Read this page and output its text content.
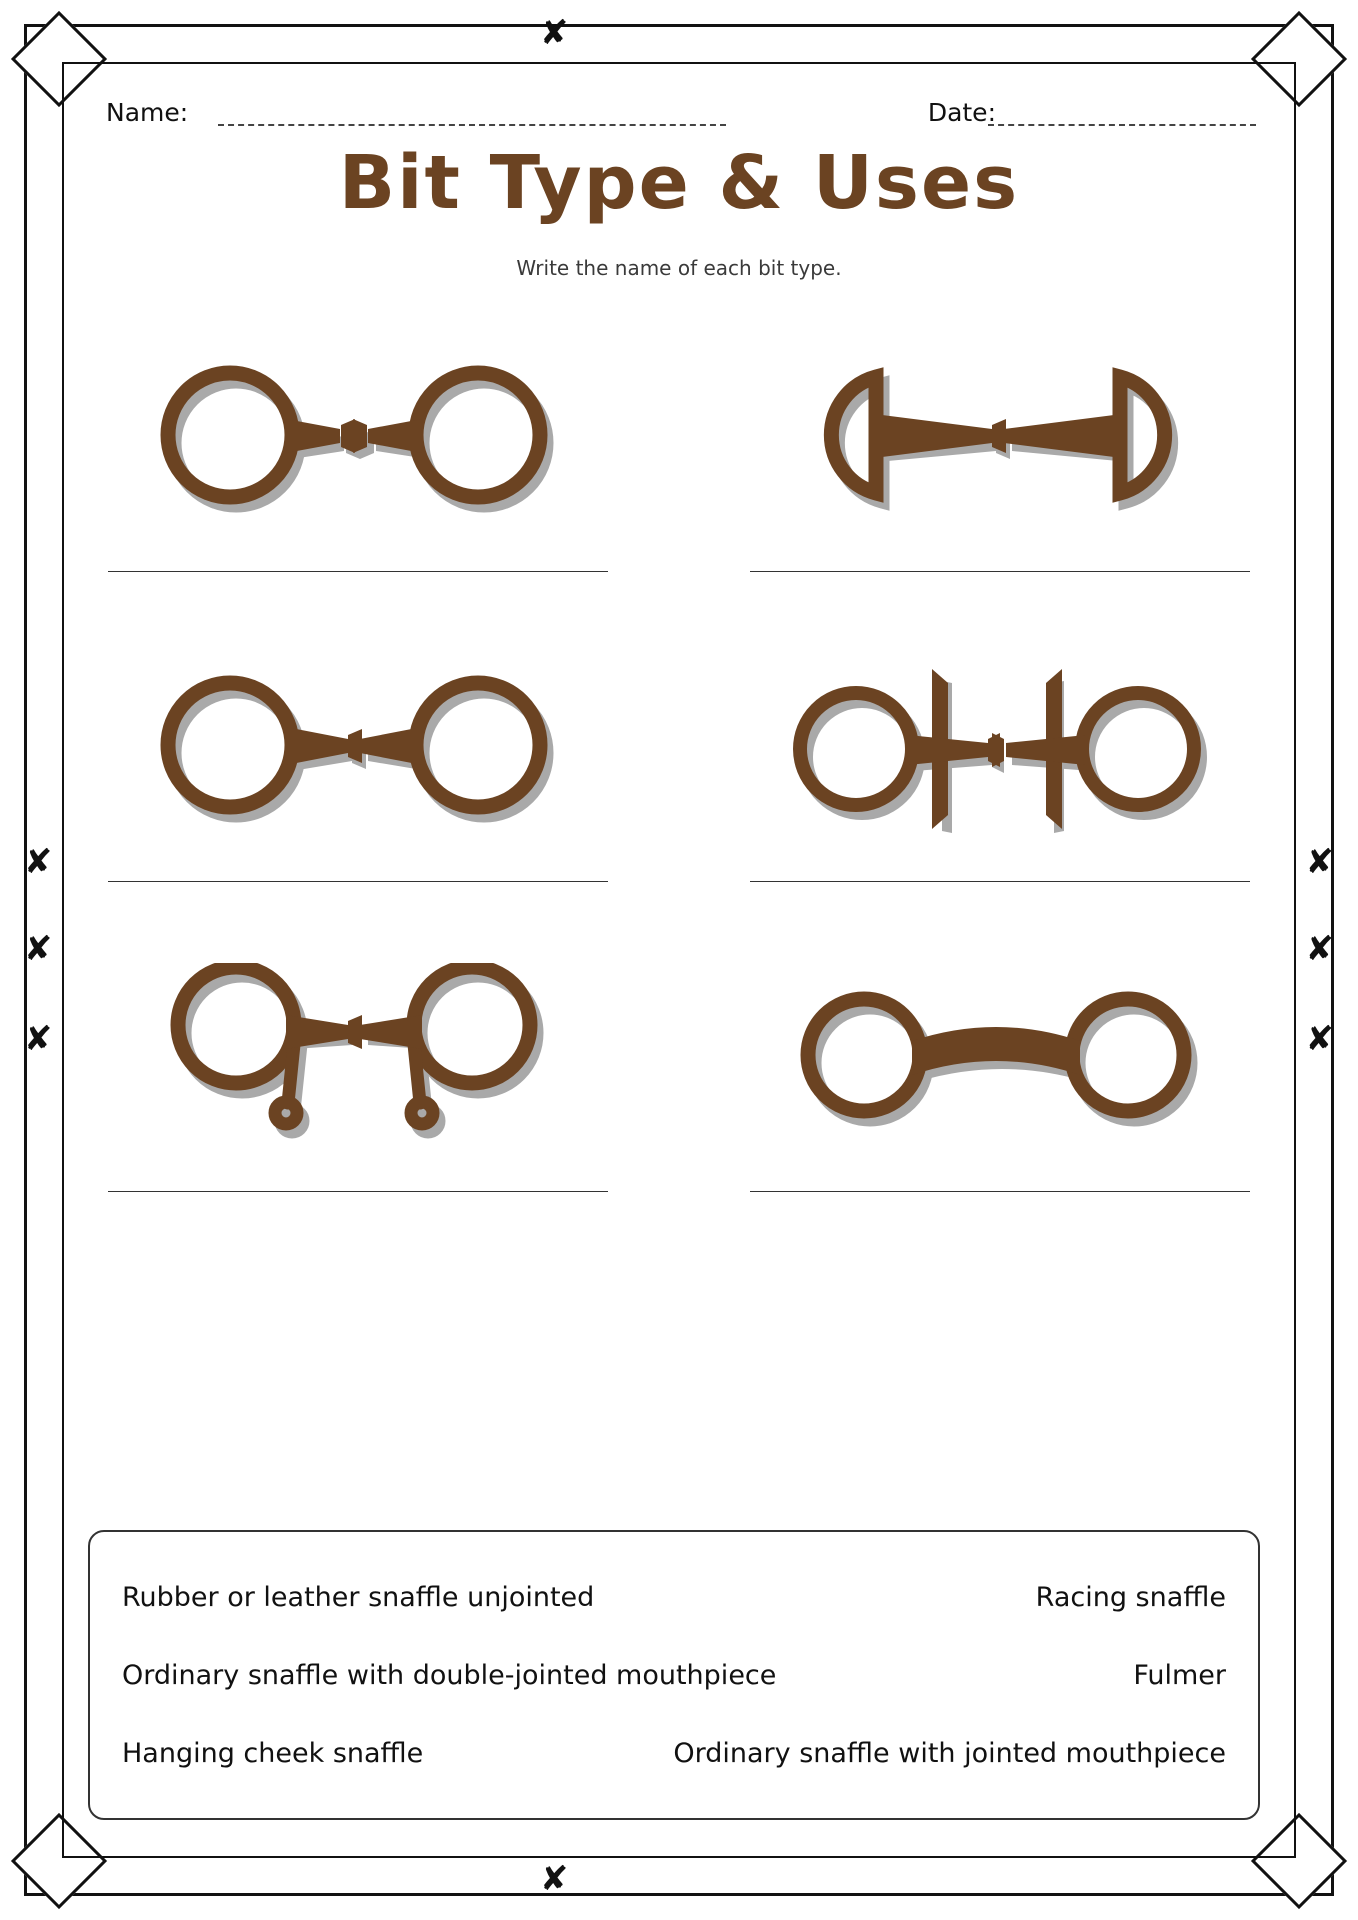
✘
✘
✘
✘
✘
✘
✘
✘
Name:	Date:
Bit Type & Uses
Write the name of each bit type.
Rubber or leather snaffle unjointed	Racing snaffle
Ordinary snaffle with double-jointed mouthpiece	Fulmer
Hanging cheek snaffle	Ordinary snaffle with jointed mouthpiece
